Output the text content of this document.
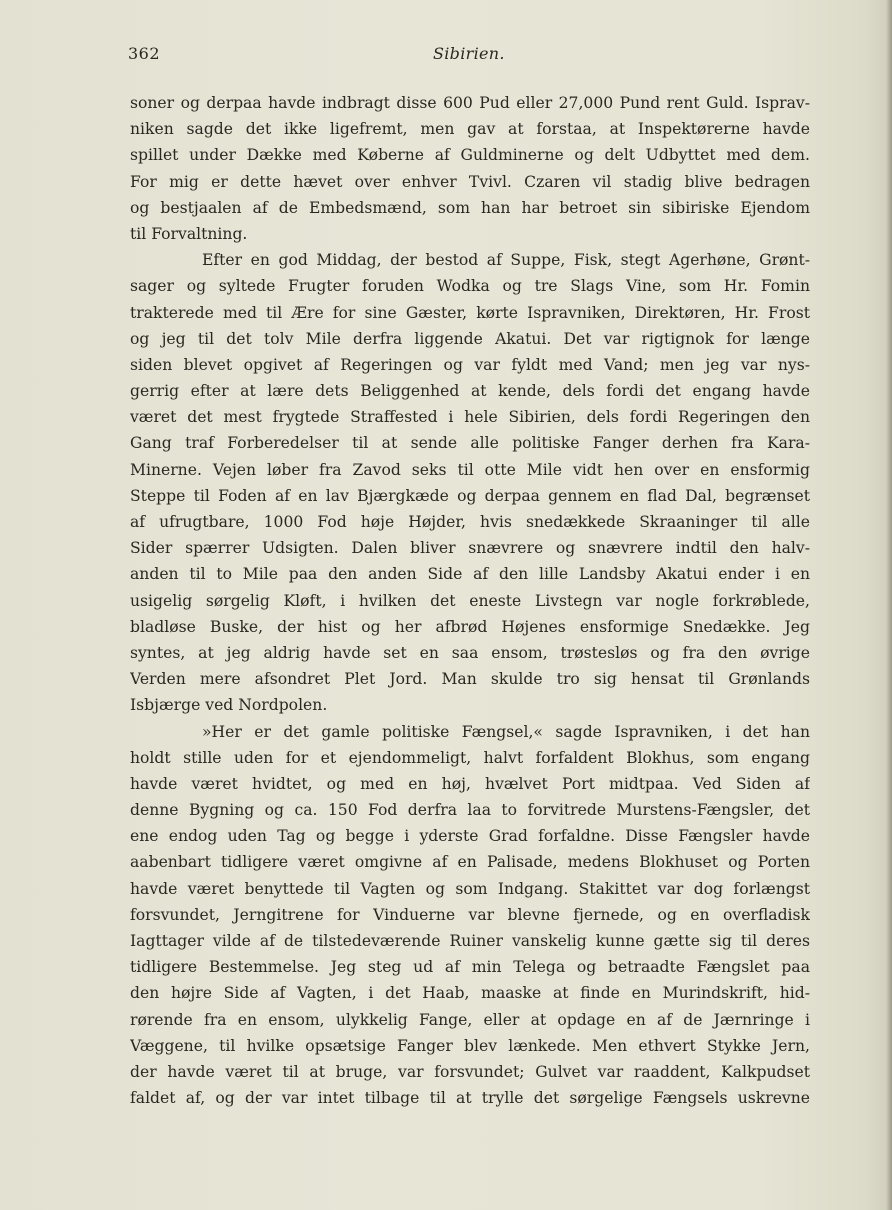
362	Sibirien.
soner og derpaa havde indbragt disse 600 Pud eller 27,000 Pund rent Guld. Isprav-
niken sagde det ikke ligefremt, men gav at forstaa, at Inspektørerne havde
spillet under Dække med Køberne af Guldminerne og delt Udbyttet med dem.
For mig er dette hævet over enhver Tvivl. Czaren vil stadig blive bedragen
og bestjaalen af de Embedsmænd, som han har betroet sin sibiriske Ejendom
til Forvaltning.
Efter en god Middag, der bestod af Suppe, Fisk, stegt Agerhøne, Grønt-
sager og syltede Frugter foruden Wodka og tre Slags Vine, som Hr. Fomin
trakterede med til Ære for sine Gæster, kørte Ispravniken, Direktøren, Hr. Frost
og jeg til det tolv Mile derfra liggende Akatui. Det var rigtignok for længe
siden blevet opgivet af Regeringen og var fyldt med Vand; men jeg var nys-
gerrig efter at lære dets Beliggenhed at kende, dels fordi det engang havde
været det mest frygtede Straffested i hele Sibirien, dels fordi Regeringen den
Gang traf Forberedelser til at sende alle politiske Fanger derhen fra Kara-
Minerne. Vejen løber fra Zavod seks til otte Mile vidt hen over en ensformig
Steppe til Foden af en lav Bjærgkæde og derpaa gennem en flad Dal, begrænset
af ufrugtbare, 1000 Fod høje Højder, hvis snedækkede Skraaninger til alle
Sider spærrer Udsigten. Dalen bliver snævrere og snævrere indtil den halv-
anden til to Mile paa den anden Side af den lille Landsby Akatui ender i en
usigelig sørgelig Kløft, i hvilken det eneste Livstegn var nogle forkrøblede,
bladløse Buske, der hist og her afbrød Højenes ensformige Snedække. Jeg
syntes, at jeg aldrig havde set en saa ensom, trøstesløs og fra den øvrige
Verden mere afsondret Plet Jord. Man skulde tro sig hensat til Grønlands
Isbjærge ved Nordpolen.
»Her er det gamle politiske Fængsel,« sagde Ispravniken, i det han
holdt stille uden for et ejendommeligt, halvt forfaldent Blokhus, som engang
havde været hvidtet, og med en høj, hvælvet Port midtpaa. Ved Siden af
denne Bygning og ca. 150 Fod derfra laa to forvitrede Murstens-Fængsler, det
ene endog uden Tag og begge i yderste Grad forfaldne. Disse Fængsler havde
aabenbart tidligere været omgivne af en Palisade, medens Blokhuset og Porten
havde været benyttede til Vagten og som Indgang. Stakittet var dog forlængst
forsvundet, Jerngitrene for Vinduerne var blevne fjernede, og en overfladisk
Iagttager vilde af de tilstedeværende Ruiner vanskelig kunne gætte sig til deres
tidligere Bestemmelse. Jeg steg ud af min Telega og betraadte Fængslet paa
den højre Side af Vagten, i det Haab, maaske at finde en Murindskrift, hid-
rørende fra en ensom, ulykkelig Fange, eller at opdage en af de Jærnringe i
Væggene, til hvilke opsætsige Fanger blev lænkede. Men ethvert Stykke Jern,
der havde været til at bruge, var forsvundet; Gulvet var raaddent, Kalkpudset
faldet af, og der var intet tilbage til at trylle det sørgelige Fængsels uskrevne
